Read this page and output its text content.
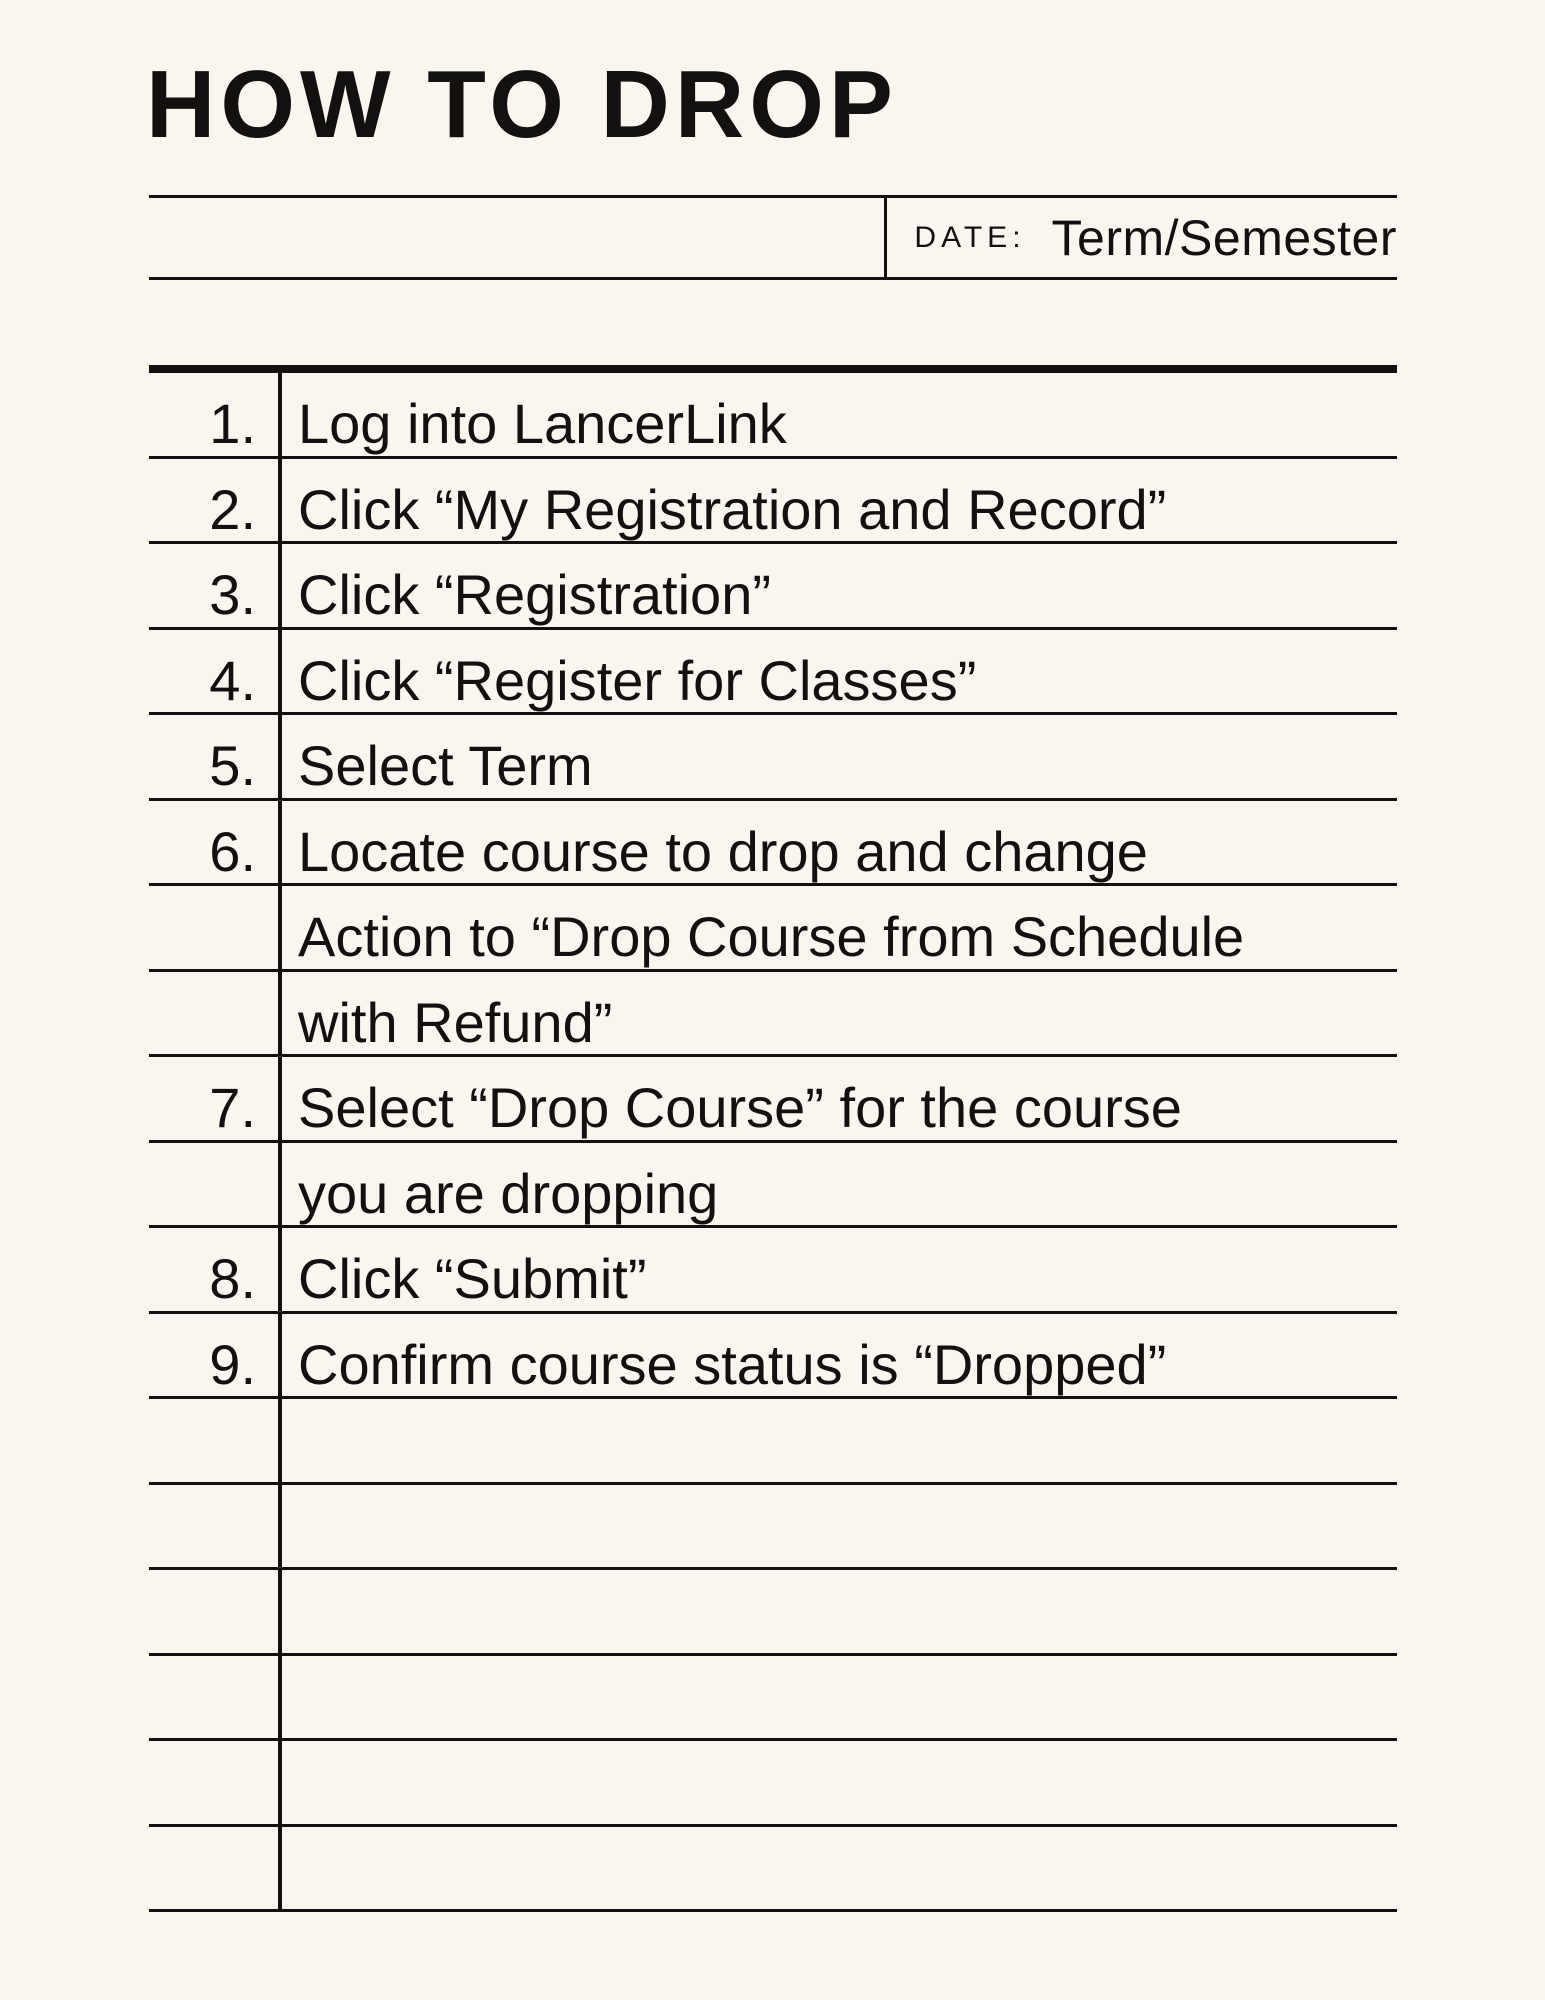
HOW TO DROP
DATE: Term/Semester
1. Log into LancerLink
2. Click “My Registration and Record”
3. Click “Registration”
4. Click “Register for Classes”
5. Select Term
6. Locate course to drop and change
Action to “Drop Course from Schedule
with Refund”
7. Select “Drop Course” for the course
you are dropping
8. Click “Submit”
9. Confirm course status is “Dropped”
